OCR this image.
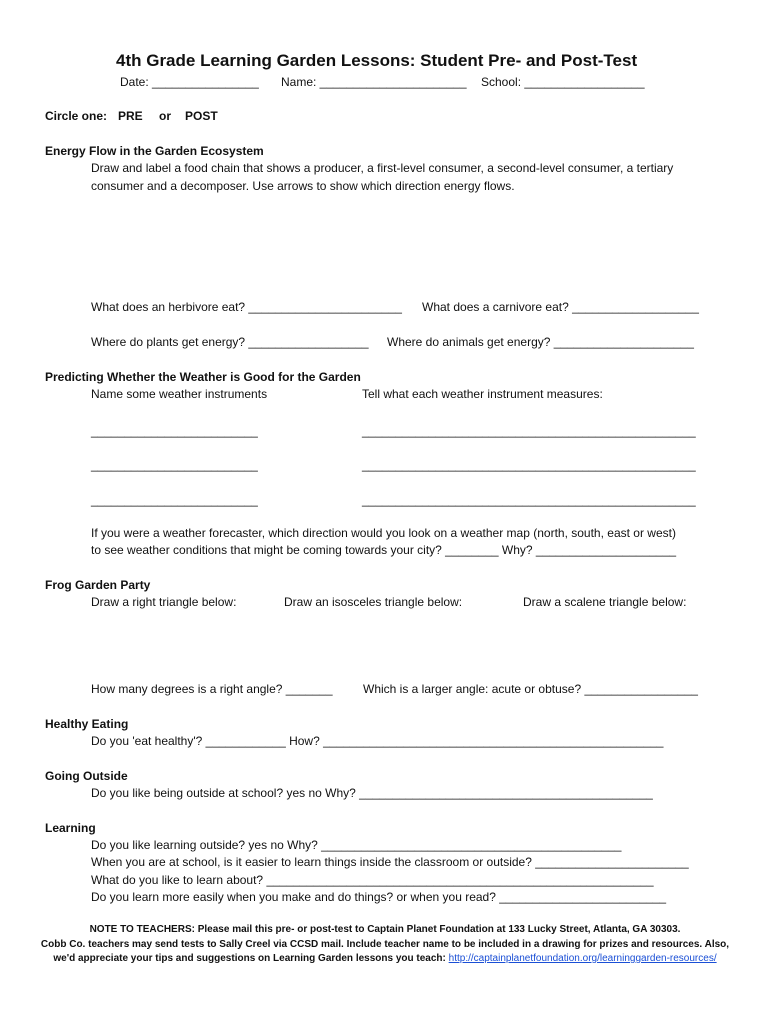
4th Grade Learning Garden Lessons: Student Pre- and Post-Test
Date: ________________ Name: ______________________ School: __________________
Circle one: PRE or POST
Energy Flow in the Garden Ecosystem
Draw and label a food chain that shows a producer, a first-level consumer, a second-level consumer, a tertiary
consumer and a decomposer. Use arrows to show which direction energy flows.
What does an herbivore eat? _______________________ What does a carnivore eat? ___________________
Where do plants get energy? __________________ Where do animals get energy? _____________________
Predicting Whether the Weather is Good for the Garden
Name some weather instruments	Tell what each weather instrument measures:
_________________________	__________________________________________________
_________________________	__________________________________________________
_________________________	__________________________________________________
If you were a weather forecaster, which direction would you look on a weather map (north, south, east or west)
to see weather conditions that might be coming towards your city? ________ Why? _____________________
Frog Garden Party
Draw a right triangle below:	Draw an isosceles triangle below:	Draw a scalene triangle below:
How many degrees is a right angle? _______	Which is a larger angle: acute or obtuse? _________________
Healthy Eating
Do you 'eat healthy'? ____________ How? ___________________________________________________
Going Outside
Do you like being outside at school? yes no Why? ____________________________________________
Learning
Do you like learning outside? yes no Why? _____________________________________________
When you are at school, is it easier to learn things inside the classroom or outside? _______________________
What do you like to learn about? __________________________________________________________
Do you learn more easily when you make and do things? or when you read? _________________________
NOTE TO TEACHERS: Please mail this pre- or post-test to Captain Planet Foundation at 133 Lucky Street, Atlanta, GA 30303.
Cobb Co. teachers may send tests to Sally Creel via CCSD mail. Include teacher name to be included in a drawing for prizes and resources. Also,
we'd appreciate your tips and suggestions on Learning Garden lessons you teach: http://captainplanetfoundation.org/learninggarden-resources/
